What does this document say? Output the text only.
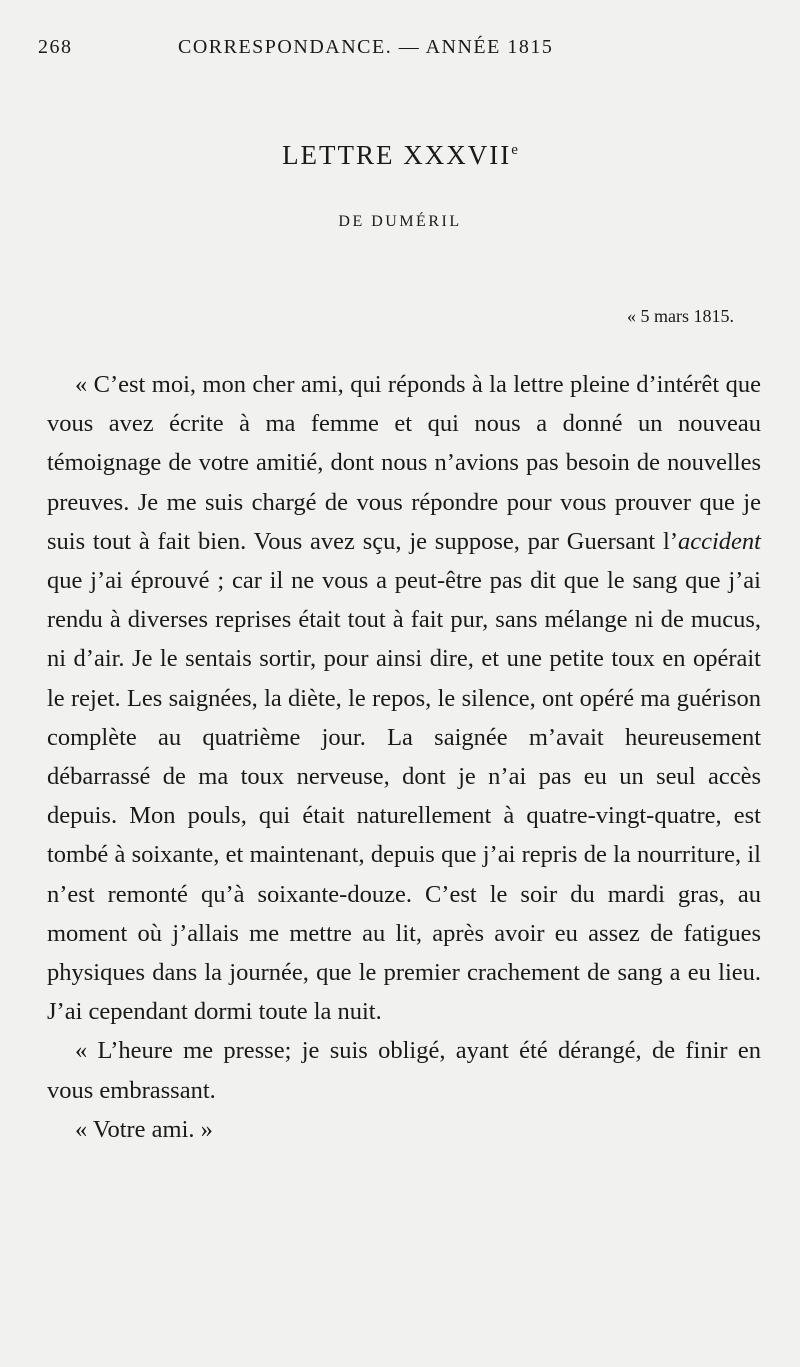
268	CORRESPONDANCE. — ANNÉE 1815
LETTRE XXXVIIe
DE DUMÉRIL
« 5 mars 1815.

« C’est moi, mon cher ami, qui réponds à la lettre pleine d’intérêt que vous avez écrite à ma femme et qui nous a donné un nouveau témoignage de votre amitié, dont nous n’avions pas besoin de nouvelles preuves. Je me suis chargé de vous répondre pour vous prouver que je suis tout à fait bien. Vous avez sçu, je suppose, par Guersant l’accident que j’ai éprouvé ; car il ne vous a peut-être pas dit que le sang que j’ai rendu à diverses reprises était tout à fait pur, sans mélange ni de mucus, ni d’air. Je le sentais sortir, pour ainsi dire, et une petite toux en opérait le rejet. Les saignées, la diète, le repos, le silence, ont opéré ma guérison complète au quatrième jour. La saignée m’avait heureusement débarrassé de ma toux nerveuse, dont je n’ai pas eu un seul accès depuis. Mon pouls, qui était naturellement à quatre-vingt-quatre, est tombé à soixante, et maintenant, depuis que j’ai repris de la nourriture, il n’est remonté qu’à soixante-douze. C’est le soir du mardi gras, au moment où j’allais me mettre au lit, après avoir eu assez de fatigues physiques dans la journée, que le premier crachement de sang a eu lieu. J’ai cependant dormi toute la nuit.

« L’heure me presse; je suis obligé, ayant été dérangé, de finir en vous embrassant.

« Votre ami. »
